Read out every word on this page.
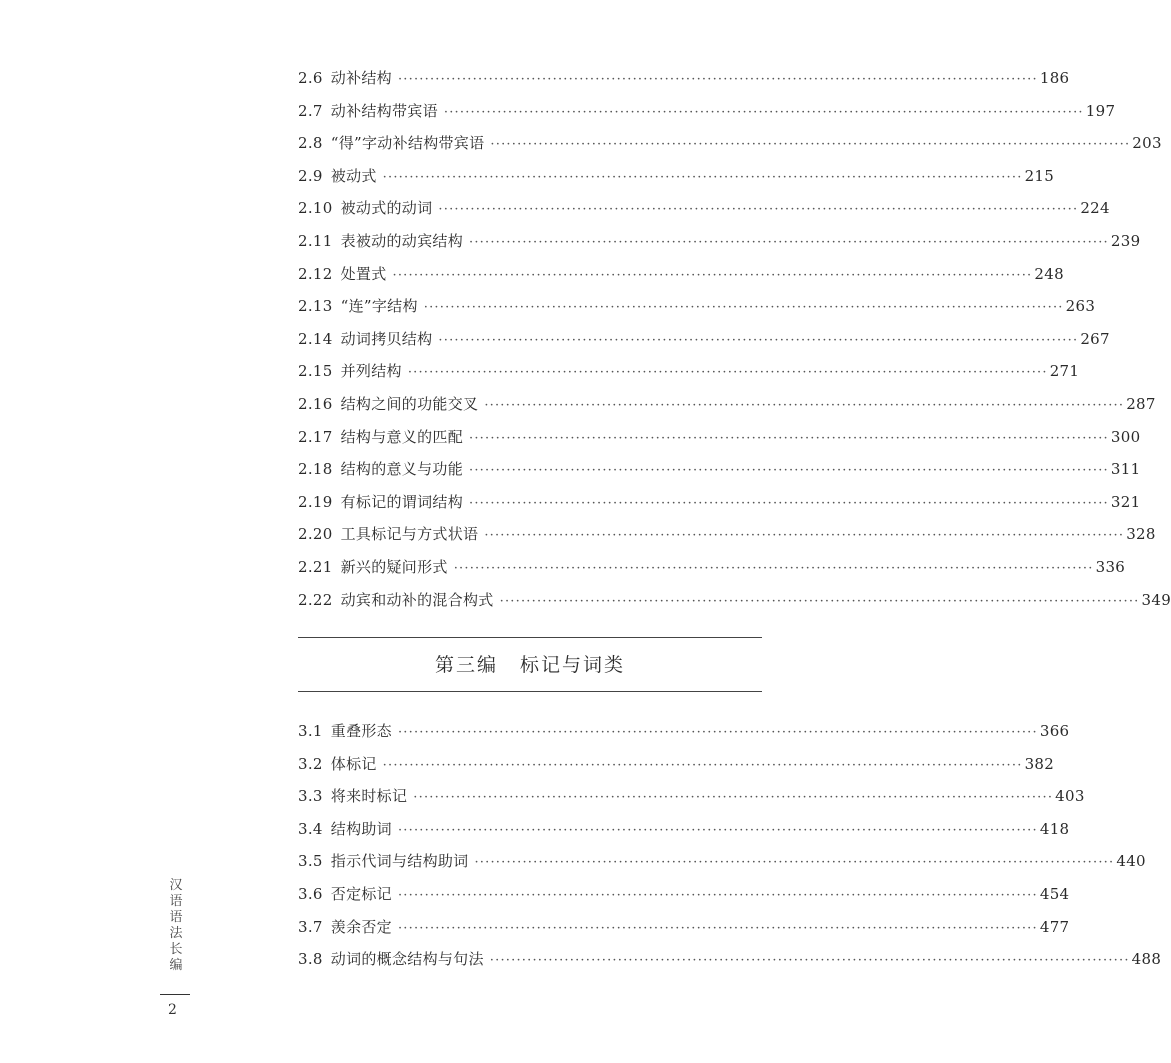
2.6 动补结构 ························································································································ 186
2.7 动补结构带宾语 ························································································································ 197
2.8 “得”字动补结构带宾语 ························································································································ 203
2.9 被动式 ························································································································ 215
2.10 被动式的动词 ························································································································ 224
2.11 表被动的动宾结构 ························································································································ 239
2.12 处置式 ························································································································ 248
2.13 “连”字结构 ························································································································ 263
2.14 动词拷贝结构 ························································································································ 267
2.15 并列结构 ························································································································ 271
2.16 结构之间的功能交叉 ························································································································ 287
2.17 结构与意义的匹配 ························································································································ 300
2.18 结构的意义与功能 ························································································································ 311
2.19 有标记的谓词结构 ························································································································ 321
2.20 工具标记与方式状语 ························································································································ 328
2.21 新兴的疑问形式 ························································································································ 336
2.22 动宾和动补的混合构式 ························································································································ 349
第三编 标记与词类
3.1 重叠形态 ························································································································ 366
3.2 体标记 ························································································································ 382
3.3 将来时标记 ························································································································ 403
3.4 结构助词 ························································································································ 418
3.5 指示代词与结构助词 ························································································································ 440
3.6 否定标记 ························································································································ 454
3.7 羡余否定 ························································································································ 477
3.8 动词的概念结构与句法 ························································································································ 488
汉
语
语
法
长
编
2
